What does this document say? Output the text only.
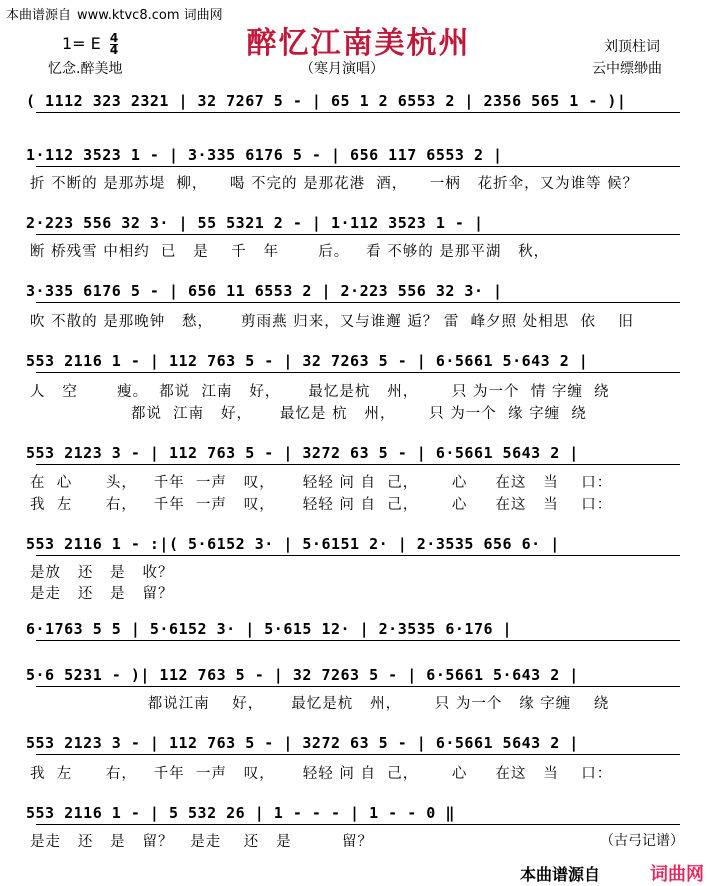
本曲谱源自 www.ktvc8.com 词曲网
1= E $\frac{4}{4}$	醉忆江南美杭州	刘顶柱词
忆念.醉美地	（寒月演唱）	云中缥缈曲
( 1112 323 2321 | 32 7267 5 - | 65 1 2 6553 2 | 2356 565 1 - )|
1·112 3523 1 - | 3·335 6176 5 - | 656 117 6553 2 |
折 不断的 是那苏堤  柳，    喝 不完的 是那花港  酒，    一柄   花折伞，又为谁等 候？
2·223 556 32 3· | 55 5321 2 - | 1·112 3523 1 - |
断 桥残雪 中相约  已   是    千   年       后。   看 不够的 是那平湖   秋，
3·335 6176 5 - | 656 11 6553 2 | 2·223 556 32 3· |
吹 不散的 是那晚钟   愁，     剪雨燕 归来，又与谁邂 逅？ 雷  峰夕照 处相思  依    旧
553 2116 1 - | 112 763 5 - | 32 7263 5 - | 6·5661 5·643 2 |
人   空       瘦。  都说  江南   好，     最忆是杭   州，      只 为一个  情 字缠  绕
都说  江南   好，     最忆是 杭   州，      只 为一个  缘 字缠  绕
553 2123 3 - | 112 763 5 - | 3272 63 5 - | 6·5661 5643 2 |
在  心      头，   千年  一声   叹，     轻轻 问 自  己，      心     在这   当    口：
我  左      右，   千年  一声   叹，     轻轻 问 自  己，      心     在这   当    口：
553 2116 1 - :|( 5·6152 3· | 5·6151 2· | 2·3535 656 6· |
是放   还   是   收？
是走   还   是   留？
6·1763 5 5 | 5·6152 3· | 5·615 12· | 2·3535 6·176 |
5·6 5231 - )| 112 763 5 - | 32 7263 5 - | 6·5661 5·643 2 |
都说江南    好，     最忆是杭   州，      只 为一个   缘 字缠    绕
553 2123 3 - | 112 763 5 - | 3272 63 5 - | 6·5661 5643 2 |
我  左      右，   千年  一声   叹，     轻轻 问 自  己，      心     在这   当    口：
553 2116 1 - | 5 532 26 | 1 - - - | 1 - - 0 ‖
是走   还   是   留？   是走    还   是         留？	（古弓记谱）
本曲谱源自	词曲网
